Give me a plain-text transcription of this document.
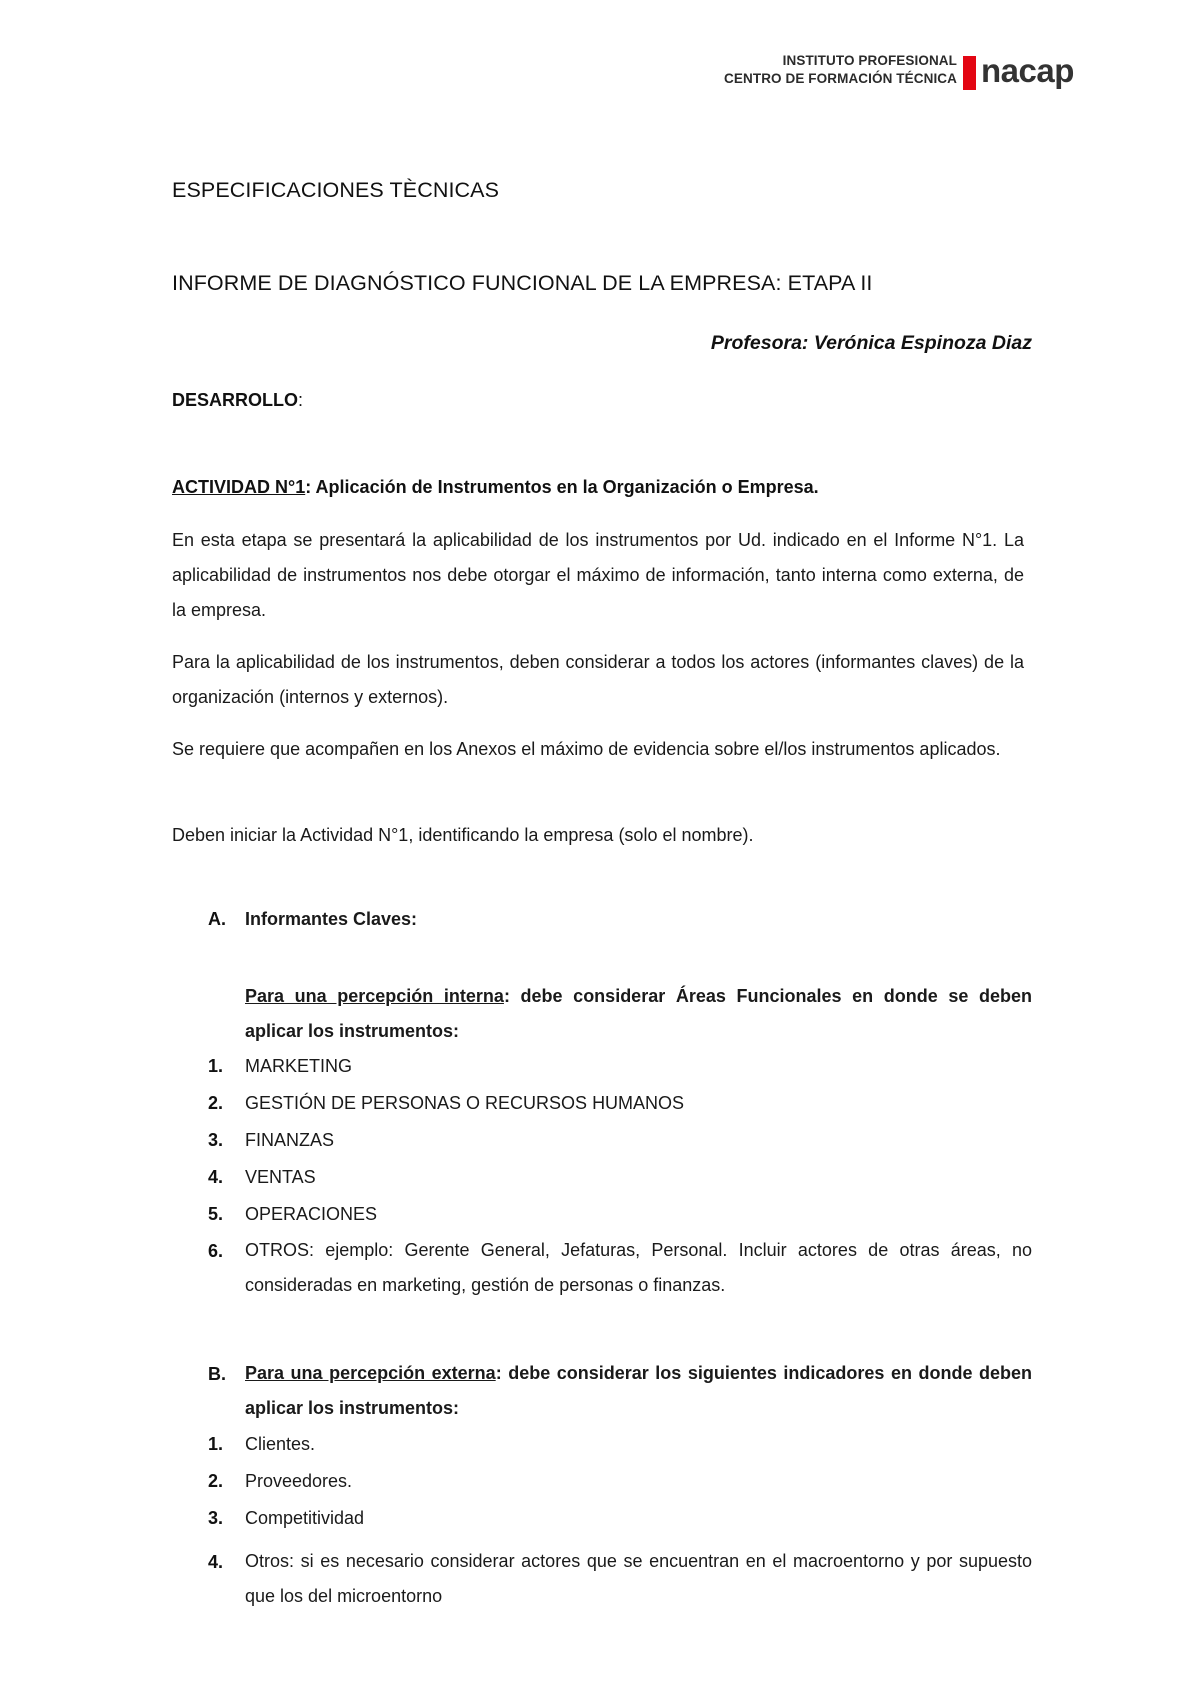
INSTITUTO PROFESIONAL
CENTRO DE FORMACIÓN TÉCNICA nacap
ESPECIFICACIONES TÈCNICAS
INFORME DE DIAGNÓSTICO FUNCIONAL DE LA EMPRESA: ETAPA II
Profesora: Verónica Espinoza Diaz
DESARROLLO:
ACTIVIDAD N°1: Aplicación de Instrumentos en la Organización o Empresa.
En esta etapa se presentará la aplicabilidad de los instrumentos por Ud. indicado en el Informe N°1. La aplicabilidad de instrumentos nos debe otorgar el máximo de información, tanto interna como externa, de la empresa.
Para la aplicabilidad de los instrumentos, deben considerar a todos los actores (informantes claves) de la organización (internos y externos).
Se requiere que acompañen en los Anexos el máximo de evidencia sobre el/los instrumentos aplicados.
Deben iniciar la Actividad N°1, identificando la empresa (solo el nombre).
A. Informantes Claves:
Para una percepción interna: debe considerar Áreas Funcionales en donde se deben aplicar los instrumentos:
1. MARKETING
2. GESTIÓN DE PERSONAS O RECURSOS HUMANOS
3. FINANZAS
4. VENTAS
5. OPERACIONES
6. OTROS: ejemplo: Gerente General, Jefaturas, Personal. Incluir actores de otras áreas, no consideradas en marketing, gestión de personas o finanzas.
B. Para una percepción externa: debe considerar los siguientes indicadores en donde deben aplicar los instrumentos:
1. Clientes.
2. Proveedores.
3. Competitividad
4. Otros: si es necesario considerar actores que se encuentran en el macroentorno y por supuesto que los del microentorno
